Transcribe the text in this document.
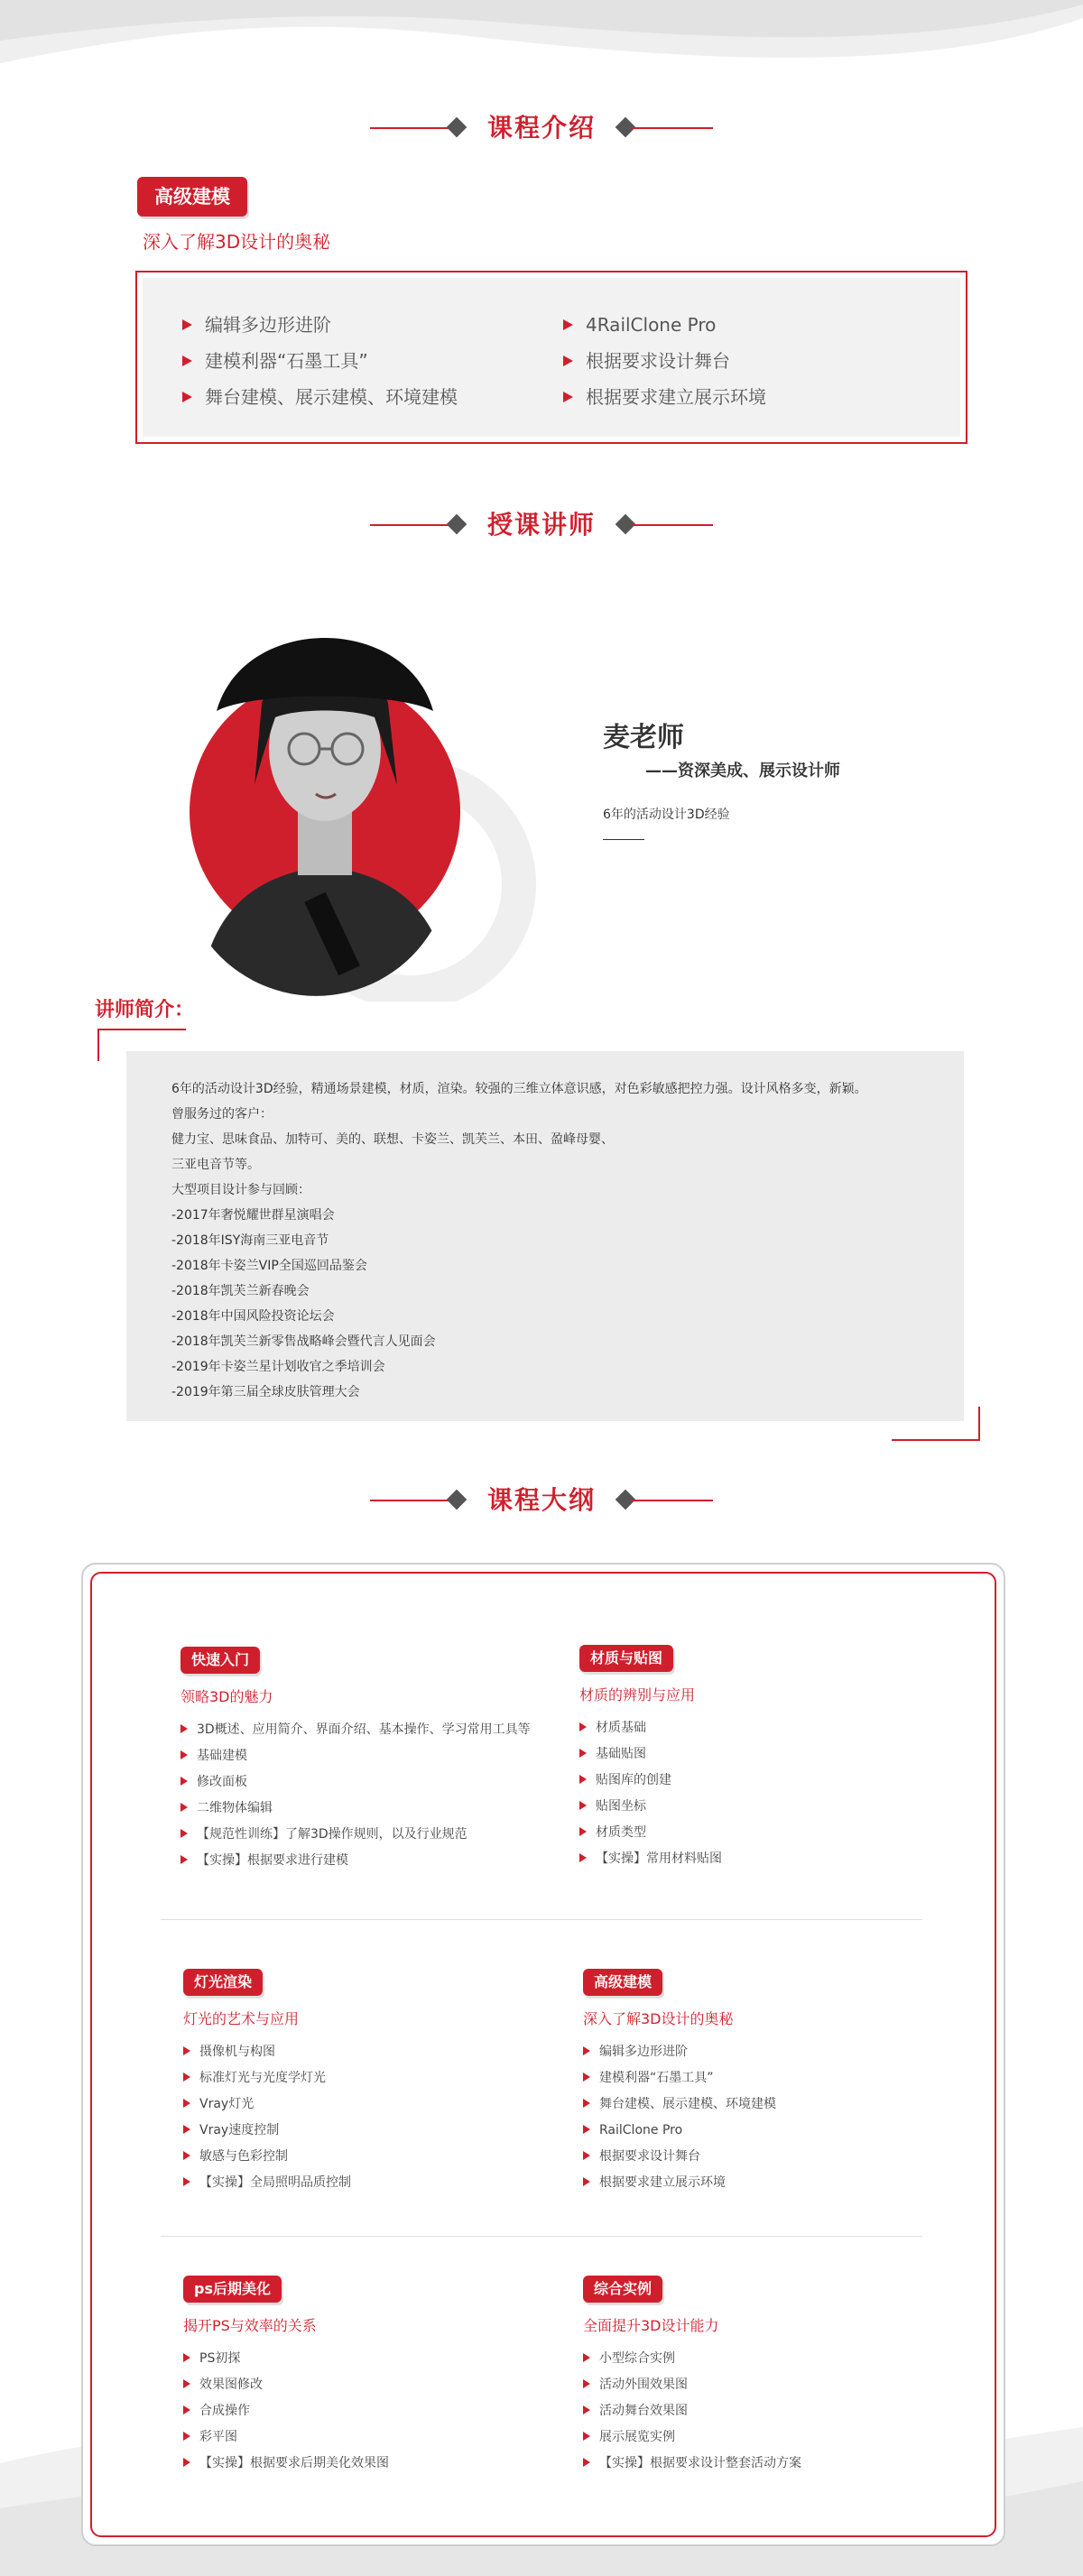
课程介绍
高级建模
深入了解3D设计的奥秘
编辑多边形进阶
建模利器“石墨工具”
舞台建模、展示建模、环境建模
4RailClone Pro
根据要求设计舞台
根据要求建立展示环境
授课讲师
麦老师
——资深美成、展示设计师
6年的活动设计3D经验
讲师简介：
6年的活动设计3D经验，精通场景建模，材质，渲染。较强的三维立体意识感，对色彩敏感把控力强。设计风格多变，新颖。
曾服务过的客户：
健力宝、思味食品、加特可、美的、联想、卡姿兰、凯芙兰、本田、盈峰母婴、
三亚电音节等。
大型项目设计参与回顾：
-2017年奢悦耀世群星演唱会
-2018年ISY海南三亚电音节
-2018年卡姿兰VIP全国巡回品鉴会
-2018年凯芙兰新春晚会
-2018年中国风险投资论坛会
-2018年凯芙兰新零售战略峰会暨代言人见面会
-2019年卡姿兰星计划收官之季培训会
-2019年第三届全球皮肤管理大会
课程大纲
快速入门
领略3D的魅力
3D概述、应用简介、界面介绍、基本操作、学习常用工具等
基础建模
修改面板
二维物体编辑
【规范性训练】了解3D操作规则，以及行业规范
【实操】根据要求进行建模
材质与贴图
材质的辨别与应用
材质基础
基础贴图
贴图库的创建
贴图坐标
材质类型
【实操】常用材料贴图
灯光渲染
灯光的艺术与应用
摄像机与构图
标准灯光与光度学灯光
Vray灯光
Vray速度控制
敏感与色彩控制
【实操】全局照明品质控制
高级建模
深入了解3D设计的奥秘
编辑多边形进阶
建模利器“石墨工具”
舞台建模、展示建模、环境建模
RailClone Pro
根据要求设计舞台
根据要求建立展示环境
ps后期美化
揭开PS与效率的关系
PS初探
效果图修改
合成操作
彩平图
【实操】根据要求后期美化效果图
综合实例
全面提升3D设计能力
小型综合实例
活动外围效果图
活动舞台效果图
展示展览实例
【实操】根据要求设计整套活动方案
